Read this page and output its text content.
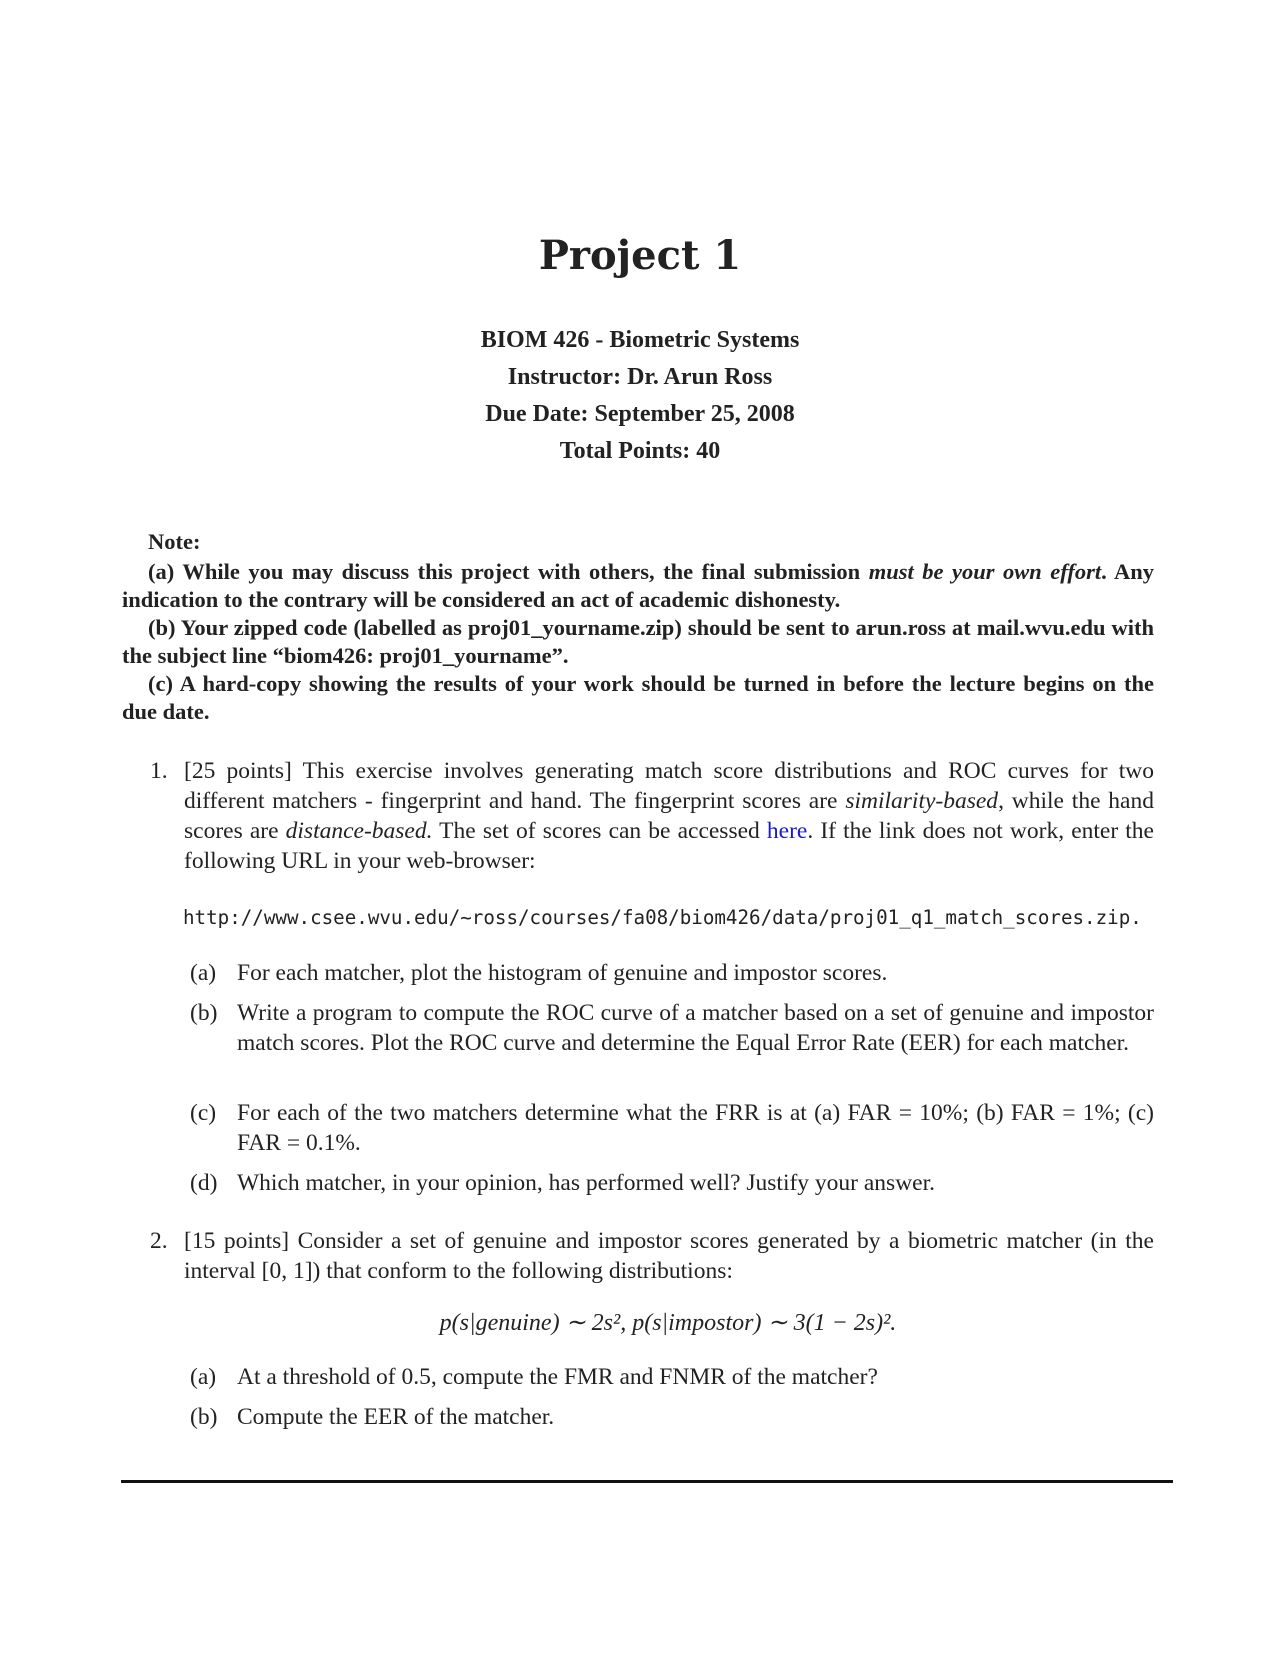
Project 1
BIOM 426 - Biometric Systems
Instructor: Dr. Arun Ross
Due Date: September 25, 2008
Total Points: 40

Note:

(a) While you may discuss this project with others, the final submission must be your own effort. Any indication to the contrary will be considered an act of academic dishonesty.

(b) Your zipped code (labelled as proj01_yourname.zip) should be sent to arun.ross at mail.wvu.edu with the subject line “biom426: proj01_yourname”.

(c) A hard-copy showing the results of your work should be turned in before the lecture begins on the due date.

1. [25 points] This exercise involves generating match score distributions and ROC curves for two different matchers - fingerprint and hand. The fingerprint scores are similarity-based, while the hand scores are distance-based. The set of scores can be accessed here. If the link does not work, enter the following URL in your web-browser:
http://www.csee.wvu.edu/~ross/courses/fa08/biom426/data/proj01_q1_match_scores.zip.
(a) For each matcher, plot the histogram of genuine and impostor scores.
(b) Write a program to compute the ROC curve of a matcher based on a set of genuine and impostor match scores. Plot the ROC curve and determine the Equal Error Rate (EER) for each matcher.
(c) For each of the two matchers determine what the FRR is at (a) FAR = 10%; (b) FAR = 1%; (c) FAR = 0.1%.
(d) Which matcher, in your opinion, has performed well? Justify your answer.
2. [15 points] Consider a set of genuine and impostor scores generated by a biometric matcher (in the interval [0, 1]) that conform to the following distributions:
p(s|genuine) ∼ 2s², p(s|impostor) ∼ 3(1 − 2s)².
(a) At a threshold of 0.5, compute the FMR and FNMR of the matcher?
(b) Compute the EER of the matcher.
